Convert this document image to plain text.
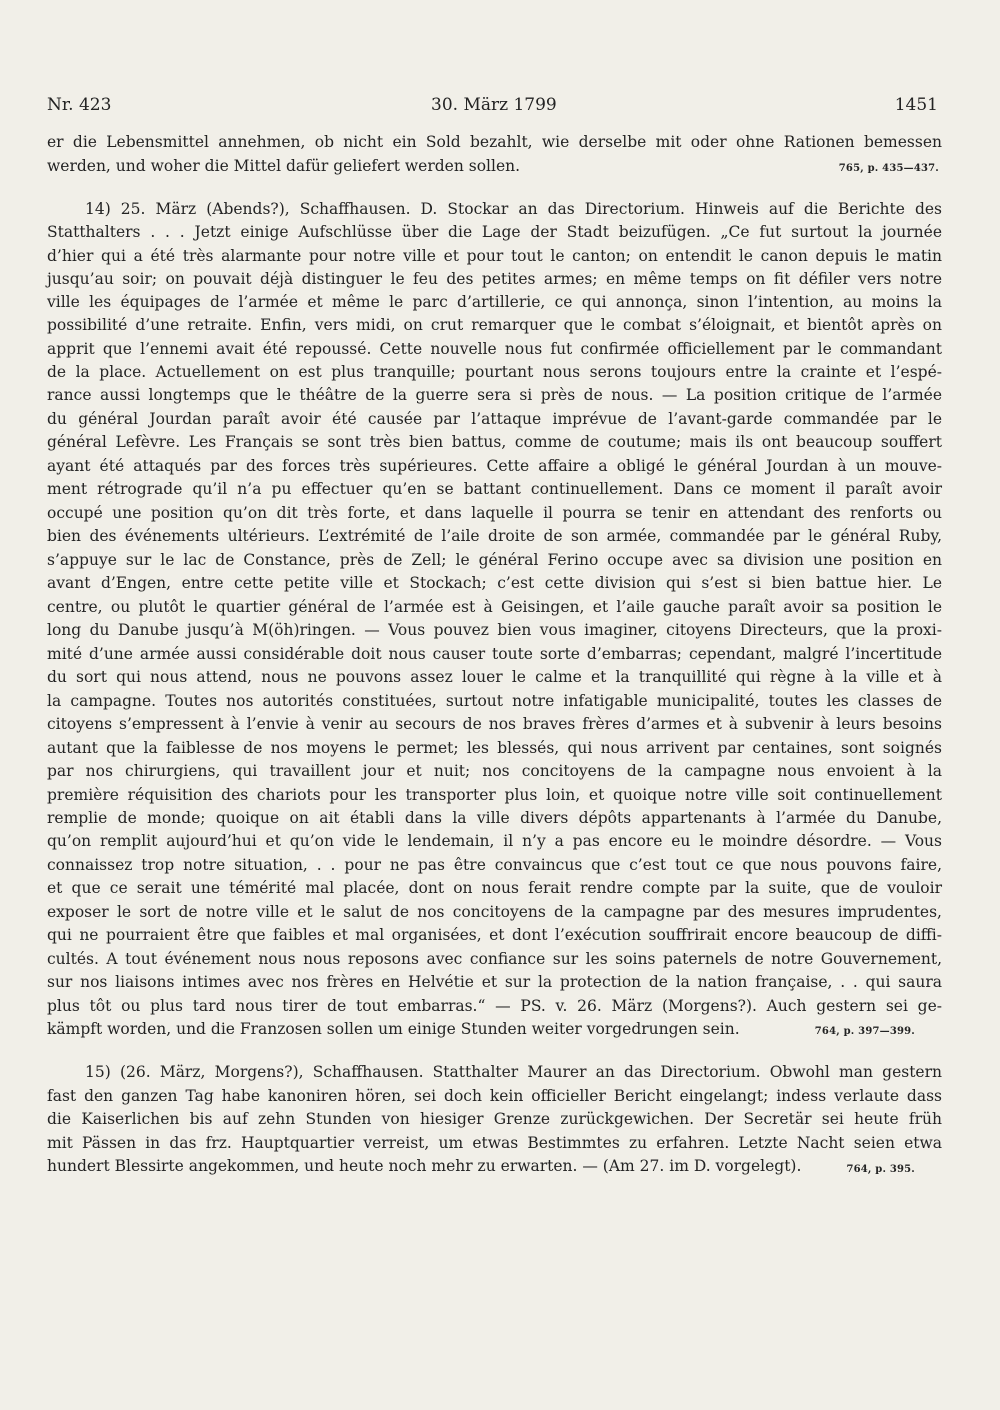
Nr. 423	30. März 1799	1451
er die Lebensmittel annehmen, ob nicht ein Sold bezahlt, wie derselbe mit oder ohne Rationen bemessen
werden, und woher die Mittel dafür geliefert werden sollen.	765, p. 435—437.
14) 25. März (Abends?), Schaffhausen. D. Stockar an das Directorium. Hinweis auf die Berichte des
Statthalters . . . Jetzt einige Aufschlüsse über die Lage der Stadt beizufügen. „Ce fut surtout la journée
d’hier qui a été très alarmante pour notre ville et pour tout le canton; on entendit le canon depuis le matin
jusqu’au soir; on pouvait déjà distinguer le feu des petites armes; en même temps on fit défiler vers notre
ville les équipages de l’armée et même le parc d’artillerie, ce qui annonça, sinon l’intention, au moins la
possibilité d’une retraite. Enfin, vers midi, on crut remarquer que le combat s’éloignait, et bientôt après on
apprit que l’ennemi avait été repoussé. Cette nouvelle nous fut confirmée officiellement par le commandant
de la place. Actuellement on est plus tranquille; pourtant nous serons toujours entre la crainte et l’espé-
rance aussi longtemps que le théâtre de la guerre sera si près de nous. — La position critique de l’armée
du général Jourdan paraît avoir été causée par l’attaque imprévue de l’avant-garde commandée par le
général Lefèvre. Les Français se sont très bien battus, comme de coutume; mais ils ont beaucoup souffert
ayant été attaqués par des forces très supérieures. Cette affaire a obligé le général Jourdan à un mouve-
ment rétrograde qu’il n’a pu effectuer qu’en se battant continuellement. Dans ce moment il paraît avoir
occupé une position qu’on dit très forte, et dans laquelle il pourra se tenir en attendant des renforts ou
bien des événements ultérieurs. L’extrémité de l’aile droite de son armée, commandée par le général Ruby,
s’appuye sur le lac de Constance, près de Zell; le général Ferino occupe avec sa division une position en
avant d’Engen, entre cette petite ville et Stockach; c’est cette division qui s’est si bien battue hier. Le
centre, ou plutôt le quartier général de l’armée est à Geisingen, et l’aile gauche paraît avoir sa position le
long du Danube jusqu’à M(öh)ringen. — Vous pouvez bien vous imaginer, citoyens Directeurs, que la proxi-
mité d’une armée aussi considérable doit nous causer toute sorte d’embarras; cependant, malgré l’incertitude
du sort qui nous attend, nous ne pouvons assez louer le calme et la tranquillité qui règne à la ville et à
la campagne. Toutes nos autorités constituées, surtout notre infatigable municipalité, toutes les classes de
citoyens s’empressent à l’envie à venir au secours de nos braves frères d’armes et à subvenir à leurs besoins
autant que la faiblesse de nos moyens le permet; les blessés, qui nous arrivent par centaines, sont soignés
par nos chirurgiens, qui travaillent jour et nuit; nos concitoyens de la campagne nous envoient à la
première réquisition des chariots pour les transporter plus loin, et quoique notre ville soit continuellement
remplie de monde; quoique on ait établi dans la ville divers dépôts appartenants à l’armée du Danube,
qu’on remplit aujourd’hui et qu’on vide le lendemain, il n’y a pas encore eu le moindre désordre. — Vous
connaissez trop notre situation, . . pour ne pas être convaincus que c’est tout ce que nous pouvons faire,
et que ce serait une témérité mal placée, dont on nous ferait rendre compte par la suite, que de vouloir
exposer le sort de notre ville et le salut de nos concitoyens de la campagne par des mesures imprudentes,
qui ne pourraient être que faibles et mal organisées, et dont l’exécution souffrirait encore beaucoup de diffi-
cultés. A tout événement nous nous reposons avec confiance sur les soins paternels de notre Gouvernement,
sur nos liaisons intimes avec nos frères en Helvétie et sur la protection de la nation française, . . qui saura
plus tôt ou plus tard nous tirer de tout embarras.“ — PS. v. 26. März (Morgens?). Auch gestern sei ge-
kämpft worden, und die Franzosen sollen um einige Stunden weiter vorgedrungen sein.	764, p. 397—399.
15) (26. März, Morgens?), Schaffhausen. Statthalter Maurer an das Directorium. Obwohl man gestern
fast den ganzen Tag habe kanoniren hören, sei doch kein officieller Bericht eingelangt; indess verlaute dass
die Kaiserlichen bis auf zehn Stunden von hiesiger Grenze zurückgewichen. Der Secretär sei heute früh
mit Pässen in das frz. Hauptquartier verreist, um etwas Bestimmtes zu erfahren. Letzte Nacht seien etwa
hundert Blessirte angekommen, und heute noch mehr zu erwarten. — (Am 27. im D. vorgelegt).	764, p. 395.
